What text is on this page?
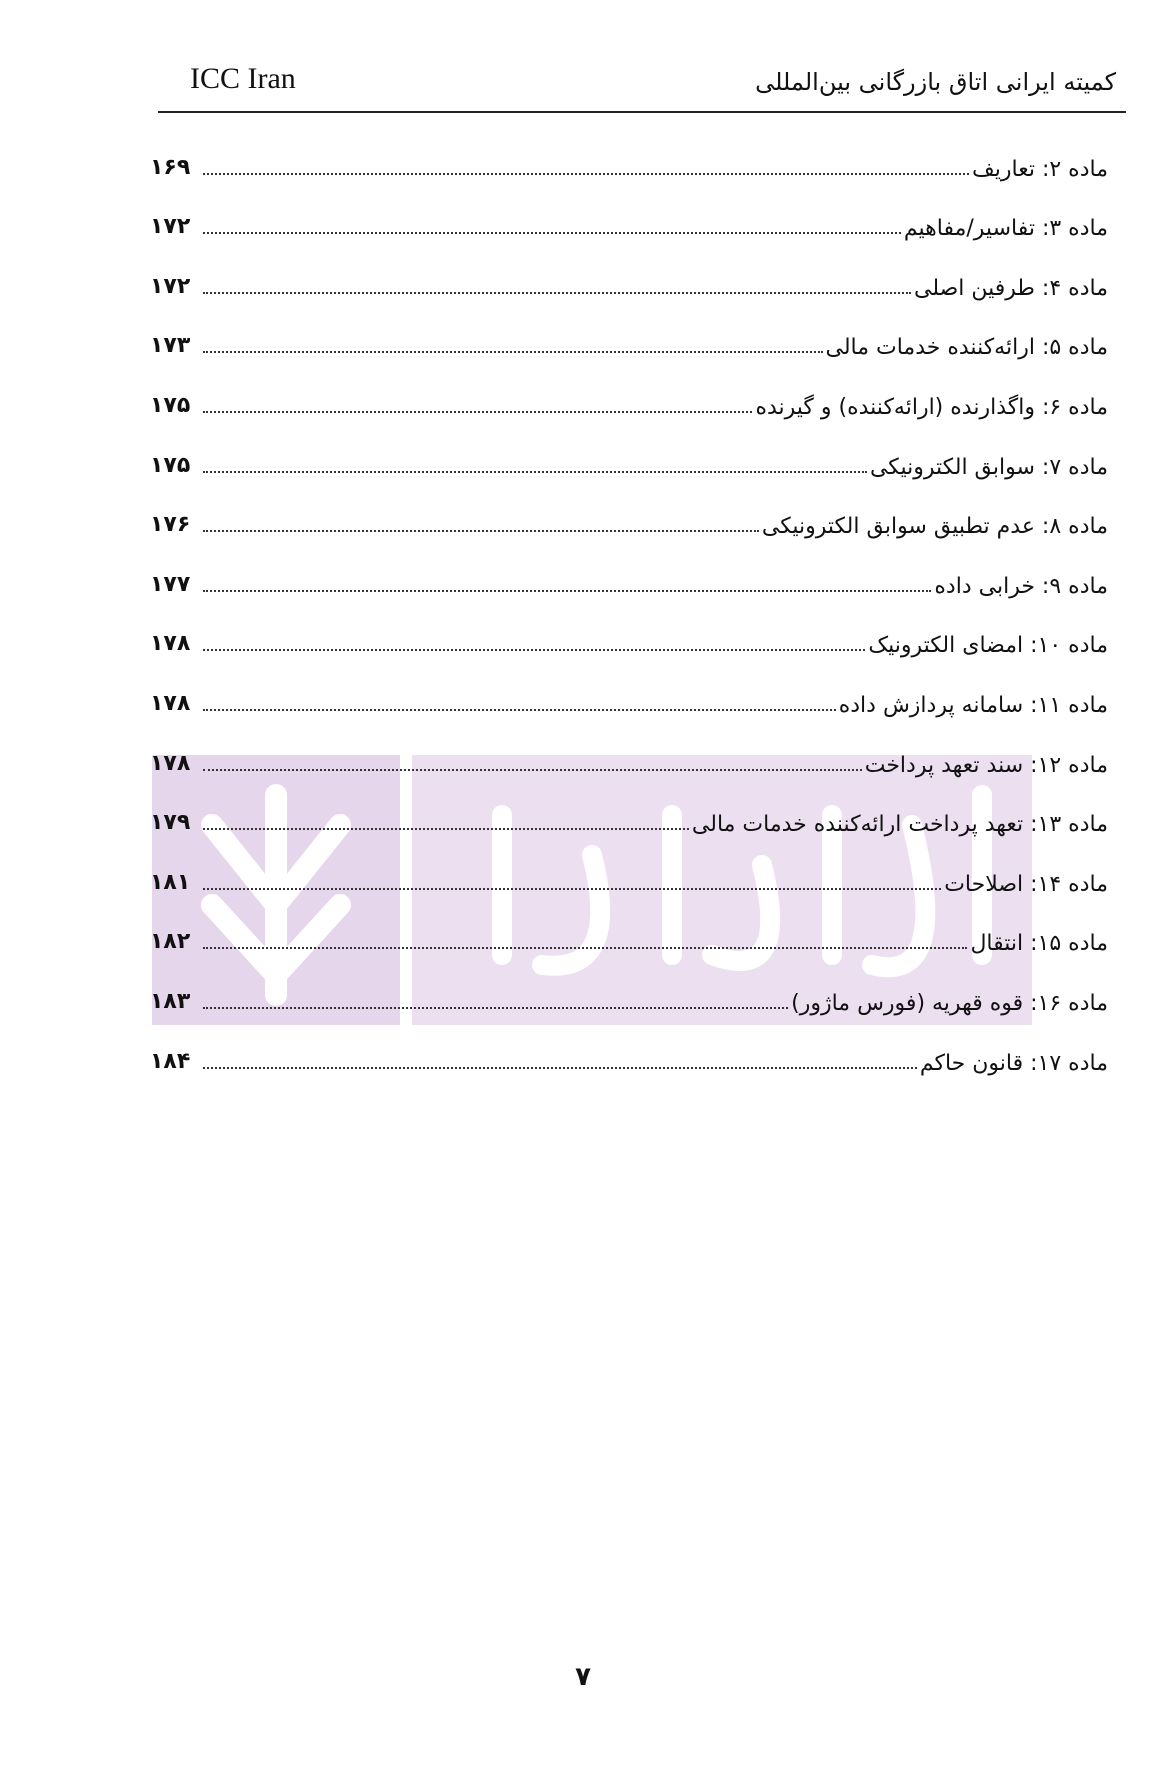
ICC Iran	کمیته ایرانی اتاق بازرگانی بین‌المللی
ماده ۲: تعاریف
۱۶۹
ماده ۳: تفاسیر/مفاهیم
۱۷۲
ماده ۴: طرفین اصلی
۱۷۲
ماده ۵: ارائه‌کننده خدمات مالی
۱۷۳
ماده ۶: واگذارنده (ارائه‌کننده) و گیرنده
۱۷۵
ماده ۷: سوابق الکترونیکی
۱۷۵
ماده ۸: عدم تطبیق سوابق الکترونیکی
۱۷۶
ماده ۹: خرابی داده
۱۷۷
ماده ۱۰: امضای الکترونیک
۱۷۸
ماده ۱۱: سامانه پردازش داده
۱۷۸
ماده ۱۲: سند تعهد پرداخت
۱۷۸
ماده ۱۳: تعهد پرداخت ارائه‌کننده خدمات مالی
۱۷۹
ماده ۱۴: اصلاحات
۱۸۱
ماده ۱۵: انتقال
۱۸۲
ماده ۱۶: قوه قهریه (فورس ماژور)
۱۸۳
ماده ۱۷: قانون حاکم
۱۸۴
۷
